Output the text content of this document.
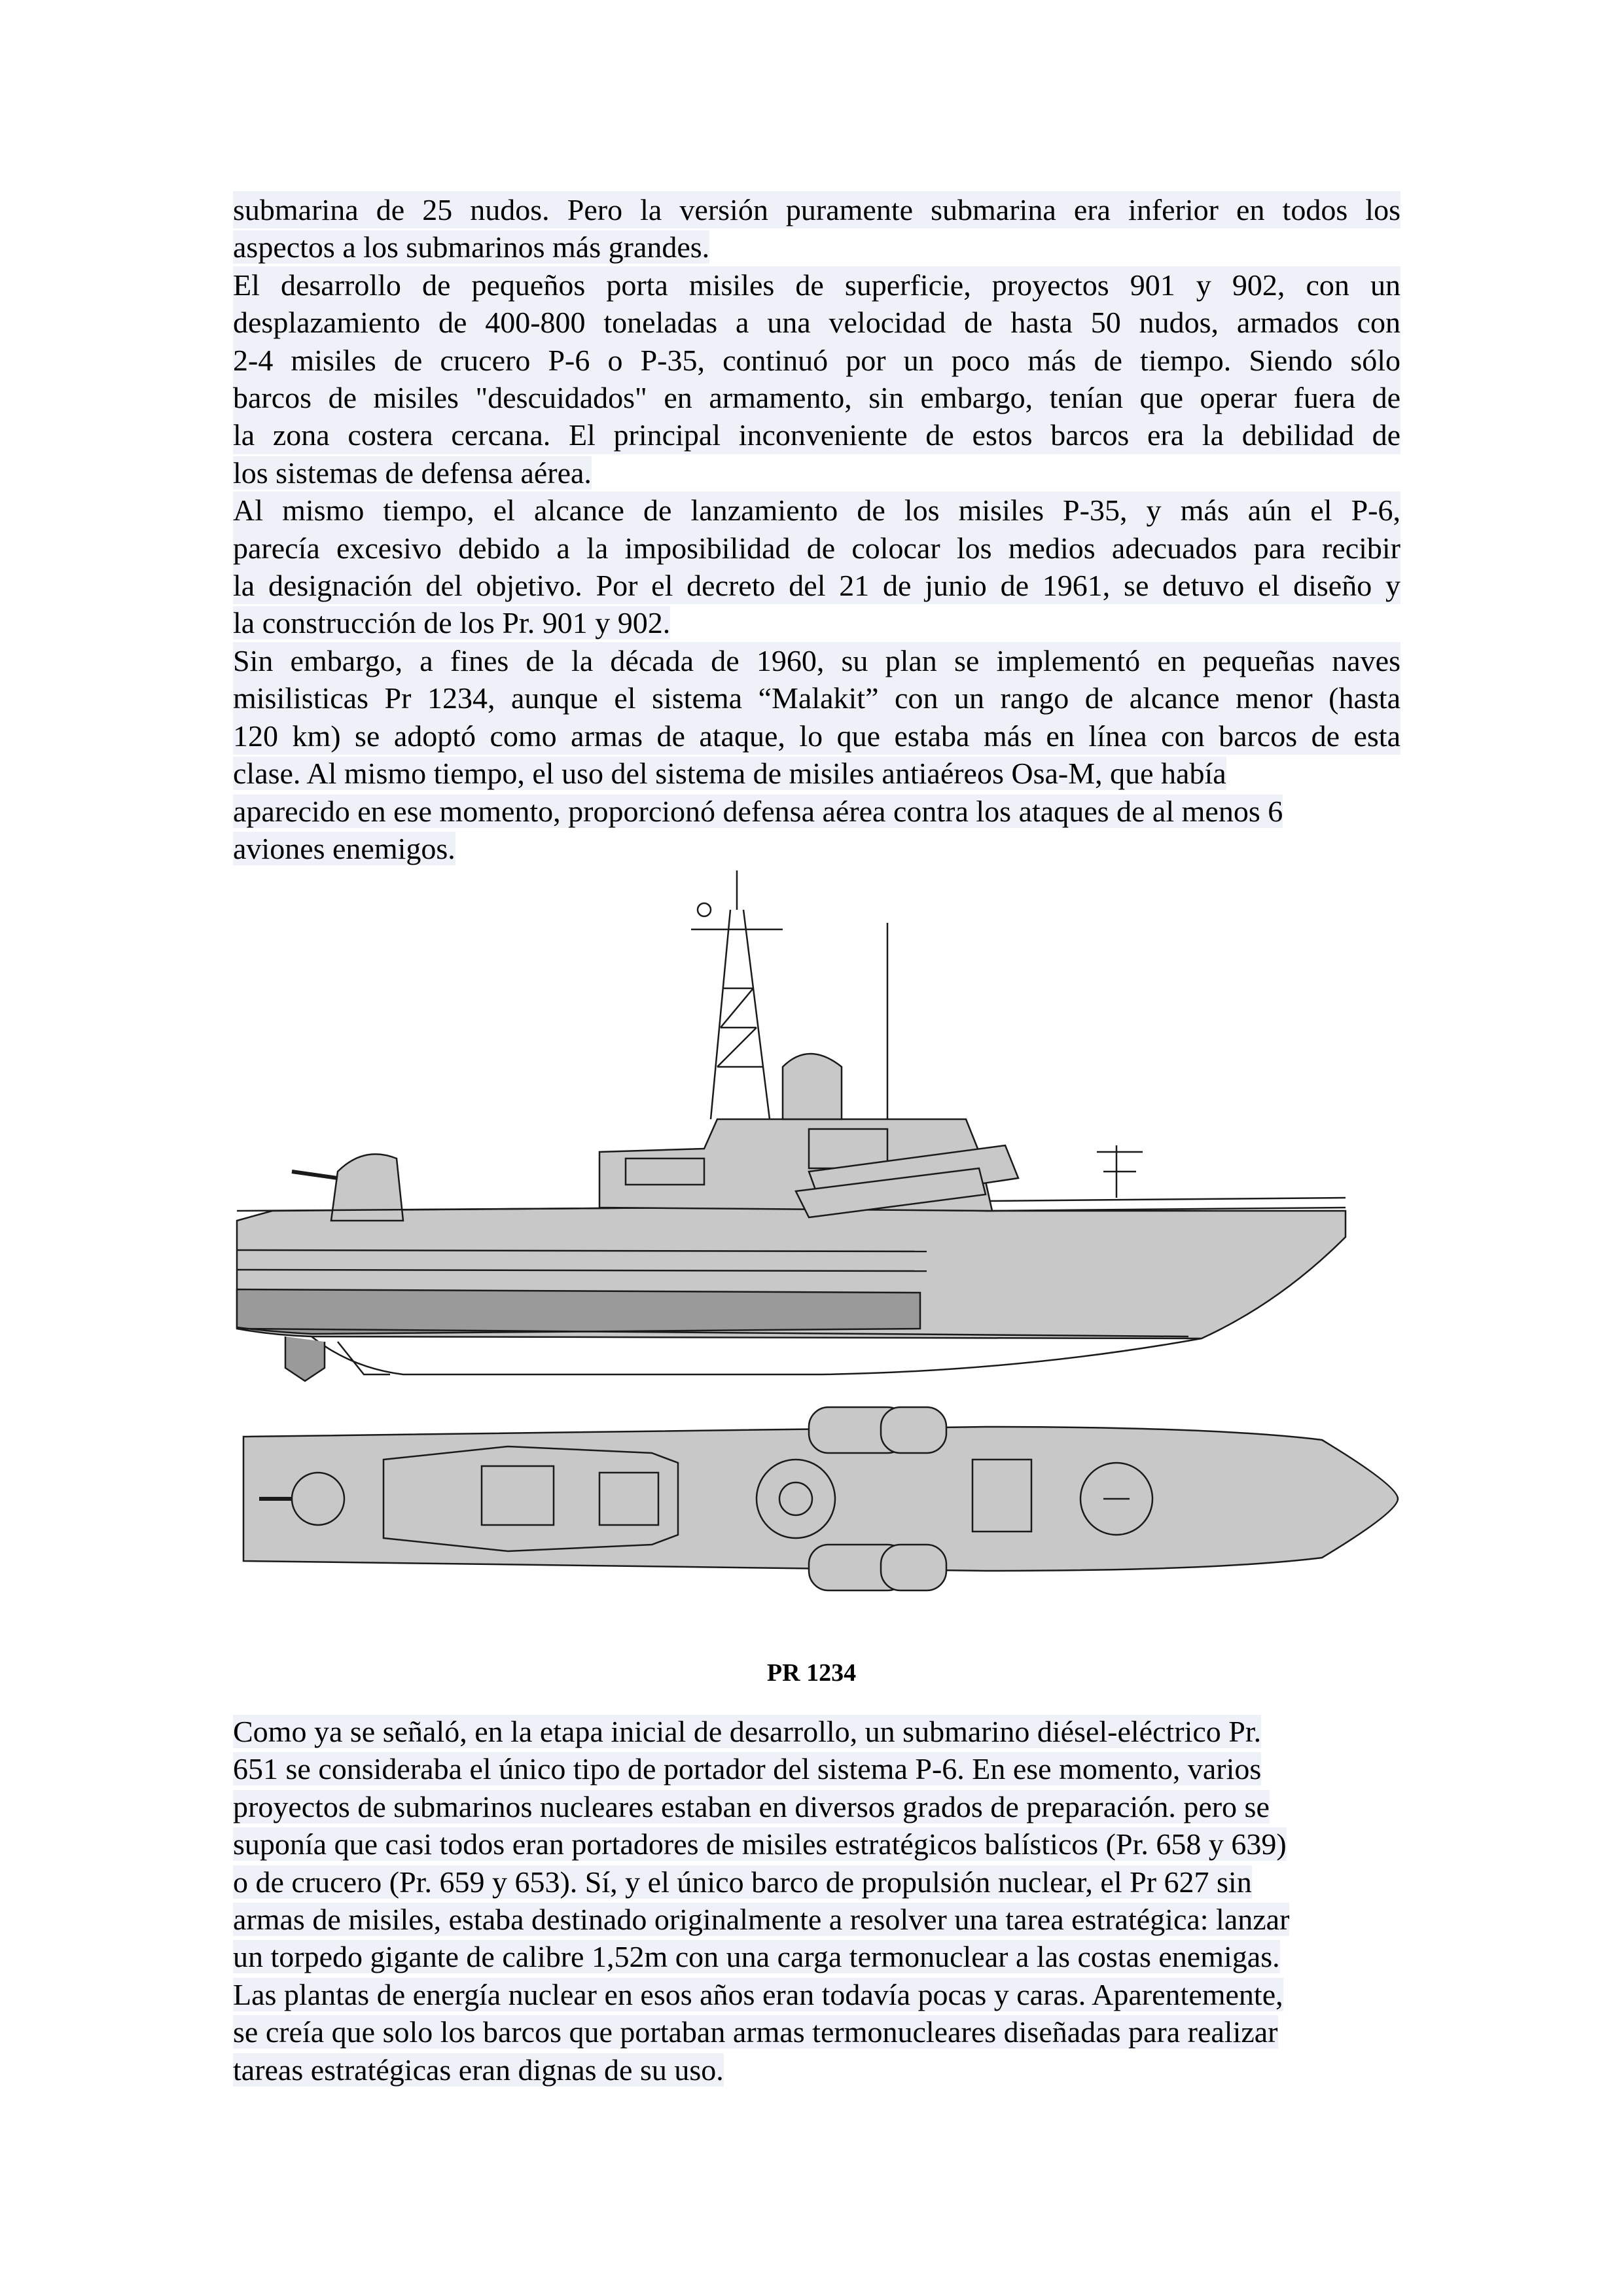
submarina de 25 nudos. Pero la versión puramente submarina era inferior en todos los
aspectos a los submarinos más grandes.

El desarrollo de pequeños porta misiles de superficie, proyectos 901 y 902, con un
desplazamiento de 400-800 toneladas a una velocidad de hasta 50 nudos, armados con
2-4 misiles de crucero P-6 o P-35, continuó por un poco más de tiempo. Siendo sólo
barcos de misiles "descuidados" en armamento, sin embargo, tenían que operar fuera de
la zona costera cercana. El principal inconveniente de estos barcos era la debilidad de
los sistemas de defensa aérea.

Al mismo tiempo, el alcance de lanzamiento de los misiles P-35, y más aún el P-6,
parecía excesivo debido a la imposibilidad de colocar los medios adecuados para recibir
la designación del objetivo. Por el decreto del 21 de junio de 1961, se detuvo el diseño y
la construcción de los Pr. 901 y 902.

Sin embargo, a fines de la década de 1960, su plan se implementó en pequeñas naves
misilisticas Pr 1234, aunque el sistema “Malakit” con un rango de alcance menor (hasta
120 km) se adoptó como armas de ataque, lo que estaba más en línea con barcos de esta
clase. Al mismo tiempo, el uso del sistema de misiles antiaéreos Osa-M, que había
aparecido en ese momento, proporcionó defensa aérea contra los ataques de al menos 6
aviones enemigos.

PR 1234

Como ya se señaló, en la etapa inicial de desarrollo, un submarino diésel-eléctrico Pr.
651 se consideraba el único tipo de portador del sistema P-6. En ese momento, varios
proyectos de submarinos nucleares estaban en diversos grados de preparación. pero se
suponía que casi todos eran portadores de misiles estratégicos balísticos (Pr. 658 y 639)
o de crucero (Pr. 659 y 653). Sí, y el único barco de propulsión nuclear, el Pr 627 sin
armas de misiles, estaba destinado originalmente a resolver una tarea estratégica: lanzar
un torpedo gigante de calibre 1,52m con una carga termonuclear a las costas enemigas.
Las plantas de energía nuclear en esos años eran todavía pocas y caras. Aparentemente,
se creía que solo los barcos que portaban armas termonucleares diseñadas para realizar
tareas estratégicas eran dignas de su uso.
